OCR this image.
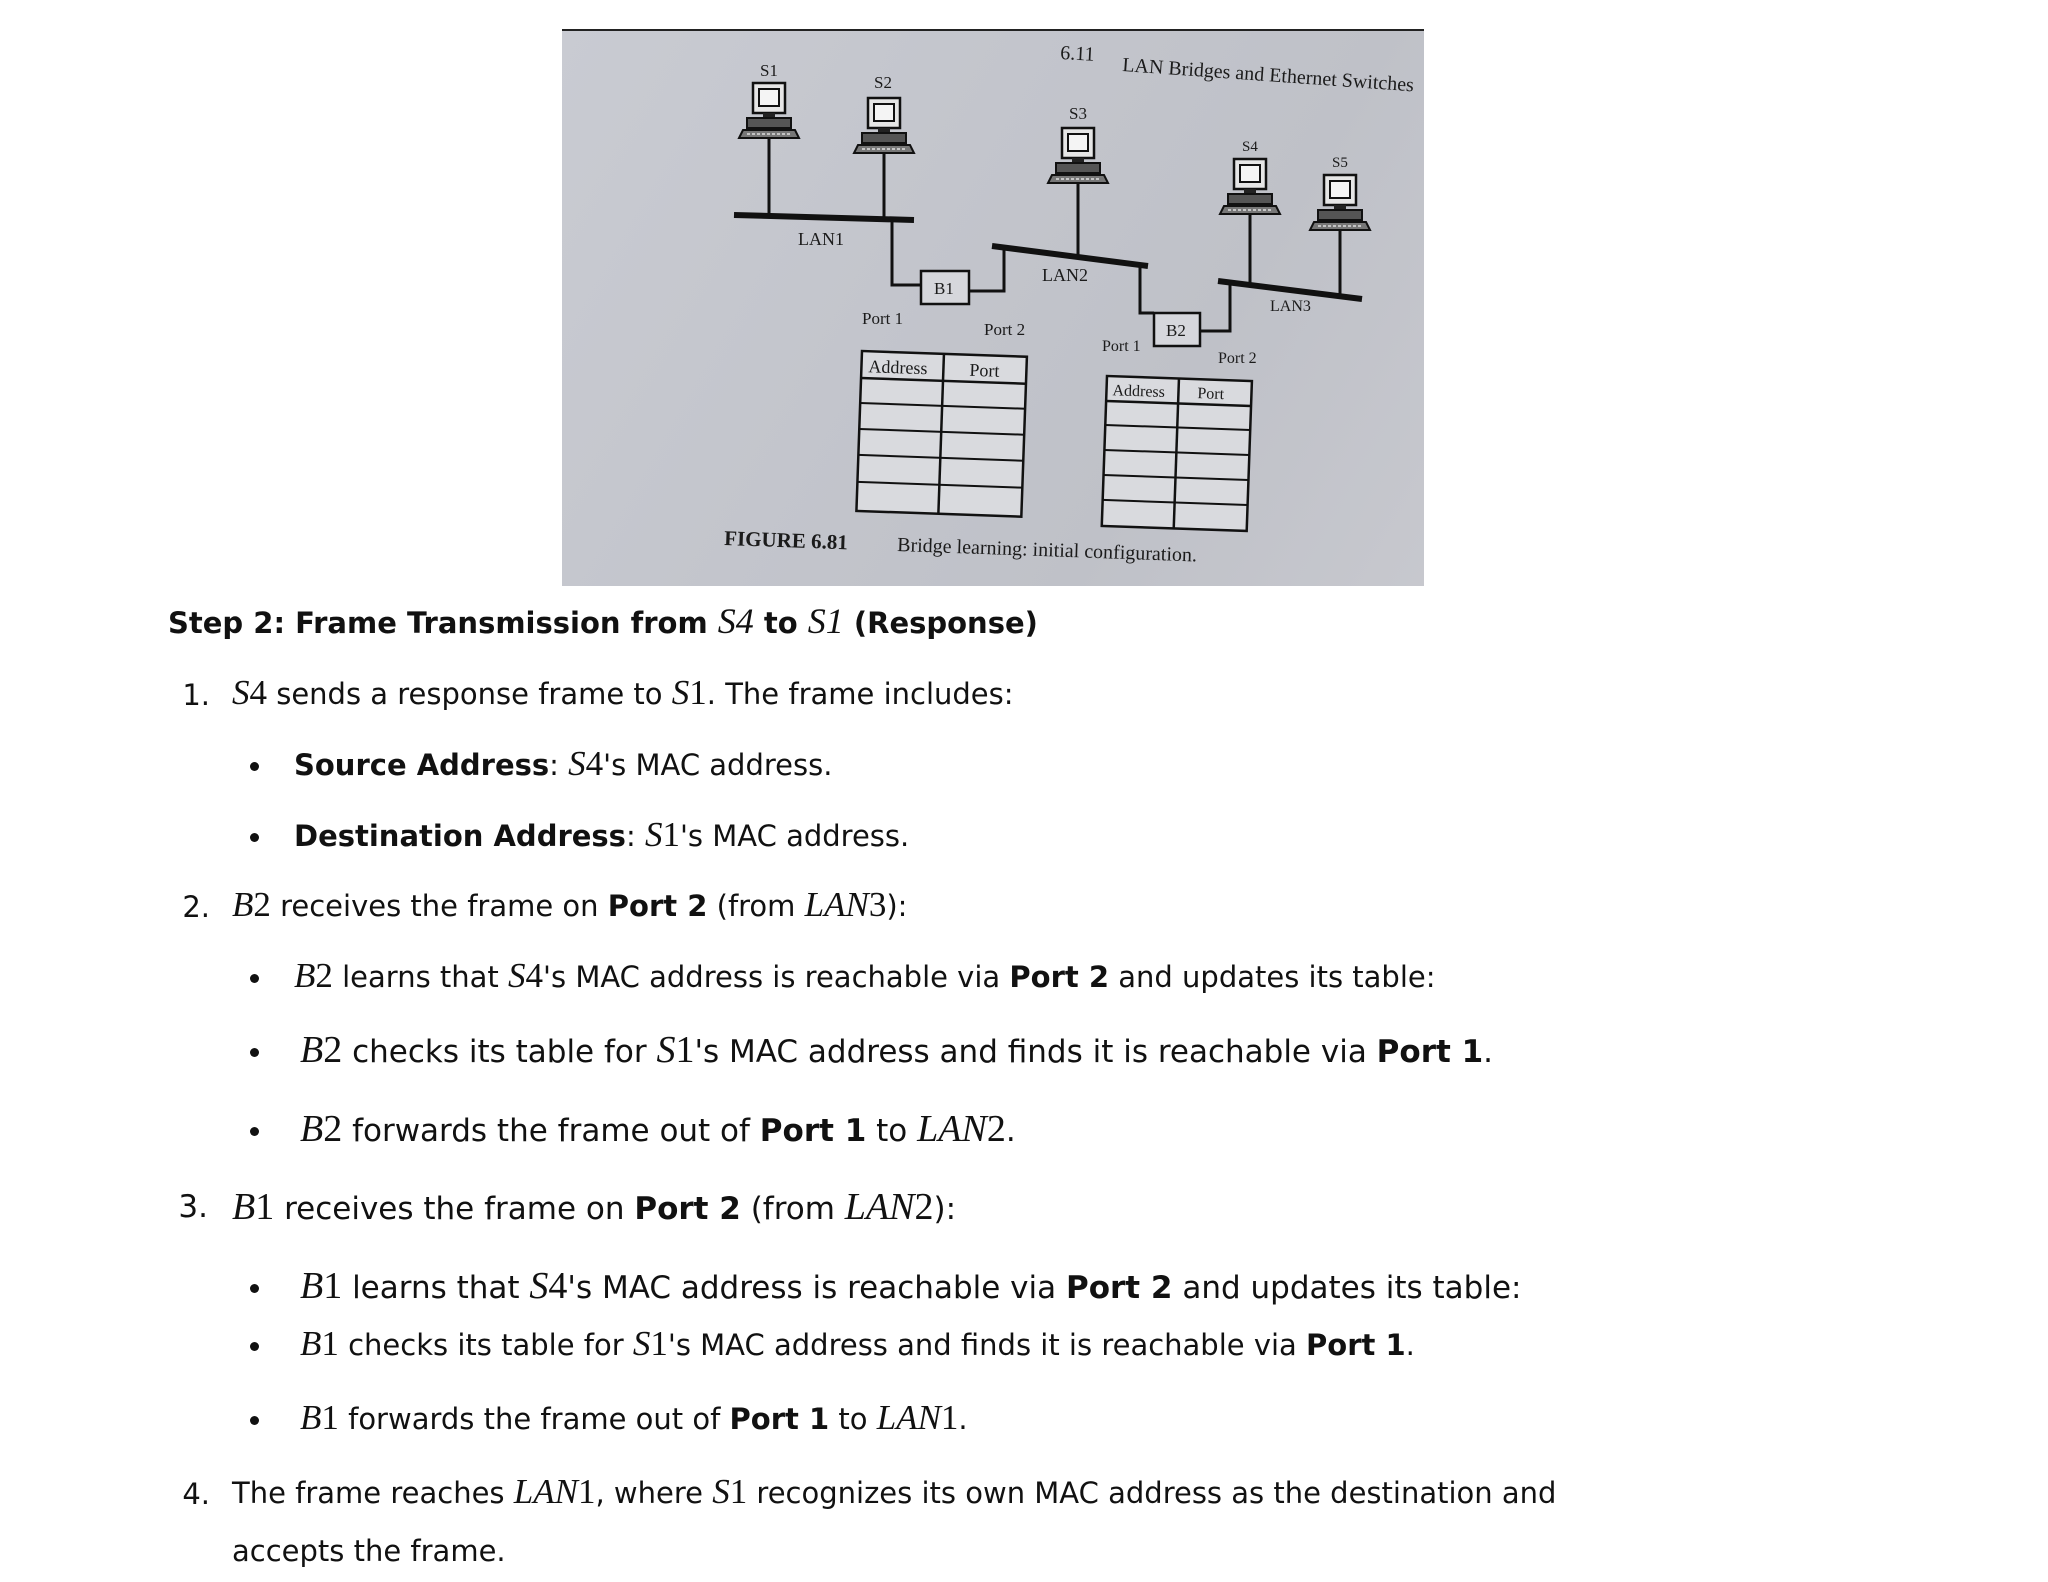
6.11
LAN Bridges and Ethernet Switches
S1
S2
S3
S4
S5
LAN1
B1
Port 1
Port 2
LAN2
B2
Port 1
Port 2
LAN3
Address Port
Address Port
FIGURE 6.81 Bridge learning: initial configuration.
Step 2: Frame Transmission from S4 to S1 (Response)
1. S4 sends a response frame to S1. The frame includes:
Source Address: S4's MAC address.
Destination Address: S1's MAC address.
2. B2 receives the frame on Port 2 (from LAN3):
B2 learns that S4's MAC address is reachable via Port 2 and updates its table:
B2 checks its table for S1's MAC address and finds it is reachable via Port 1.
B2 forwards the frame out of Port 1 to LAN2.
3. B1 receives the frame on Port 2 (from LAN2):
B1 learns that S4's MAC address is reachable via Port 2 and updates its table:
B1 checks its table for S1's MAC address and finds it is reachable via Port 1.
B1 forwards the frame out of Port 1 to LAN1.
4. The frame reaches LAN1, where S1 recognizes its own MAC address as the destination and
accepts the frame.
